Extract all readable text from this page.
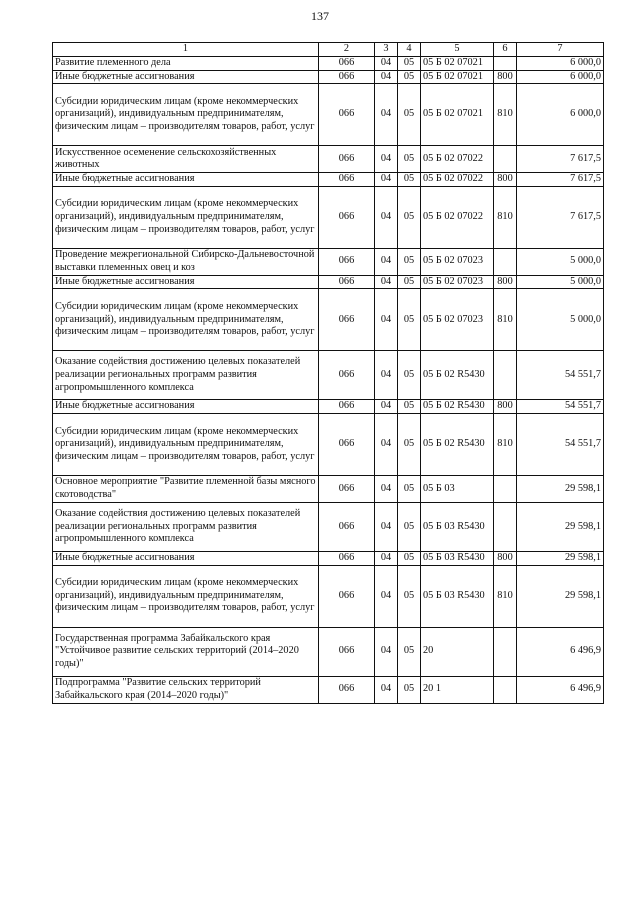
137
1	2	3	4	5	6	7
Развитие племенного дела	066	04	05	05 Б 02 07021		6 000,0
Иные бюджетные ассигнования	066	04	05	05 Б 02 07021	800	6 000,0
Субсидии юридическим лицам (кроме некоммерческих организаций), индивидуальным предпринимателям, физическим лицам – производителям товаров, работ, услуг	066	04	05	05 Б 02 07021	810	6 000,0
Искусственное осеменение сельскохозяйственных животных	066	04	05	05 Б 02 07022		7 617,5
Иные бюджетные ассигнования	066	04	05	05 Б 02 07022	800	7 617,5
Субсидии юридическим лицам (кроме некоммерческих организаций), индивидуальным предпринимателям, физическим лицам – производителям товаров, работ, услуг	066	04	05	05 Б 02 07022	810	7 617,5
Проведение межрегиональной Сибирско-Дальневосточной выставки племенных овец и коз	066	04	05	05 Б 02 07023		5 000,0
Иные бюджетные ассигнования	066	04	05	05 Б 02 07023	800	5 000,0
Субсидии юридическим лицам (кроме некоммерческих организаций), индивидуальным предпринимателям, физическим лицам – производителям товаров, работ, услуг	066	04	05	05 Б 02 07023	810	5 000,0
Оказание содействия достижению целевых показателей реализации региональных программ развития агропромышленного комплекса	066	04	05	05 Б 02 R5430		54 551,7
Иные бюджетные ассигнования	066	04	05	05 Б 02 R5430	800	54 551,7
Субсидии юридическим лицам (кроме некоммерческих организаций), индивидуальным предпринимателям, физическим лицам – производителям товаров, работ, услуг	066	04	05	05 Б 02 R5430	810	54 551,7
Основное мероприятие "Развитие племенной базы мясного скотоводства"	066	04	05	05 Б 03		29 598,1
Оказание содействия достижению целевых показателей реализации региональных программ развития агропромышленного комплекса	066	04	05	05 Б 03 R5430		29 598,1
Иные бюджетные ассигнования	066	04	05	05 Б 03 R5430	800	29 598,1
Субсидии юридическим лицам (кроме некоммерческих организаций), индивидуальным предпринимателям, физическим лицам – производителям товаров, работ, услуг	066	04	05	05 Б 03 R5430	810	29 598,1
Государственная программа Забайкальского края "Устойчивое развитие сельских территорий (2014–2020 годы)"	066	04	05	20		6 496,9
Подпрограмма "Развитие сельских территорий Забайкальского края (2014–2020 годы)"	066	04	05	20 1		6 496,9
